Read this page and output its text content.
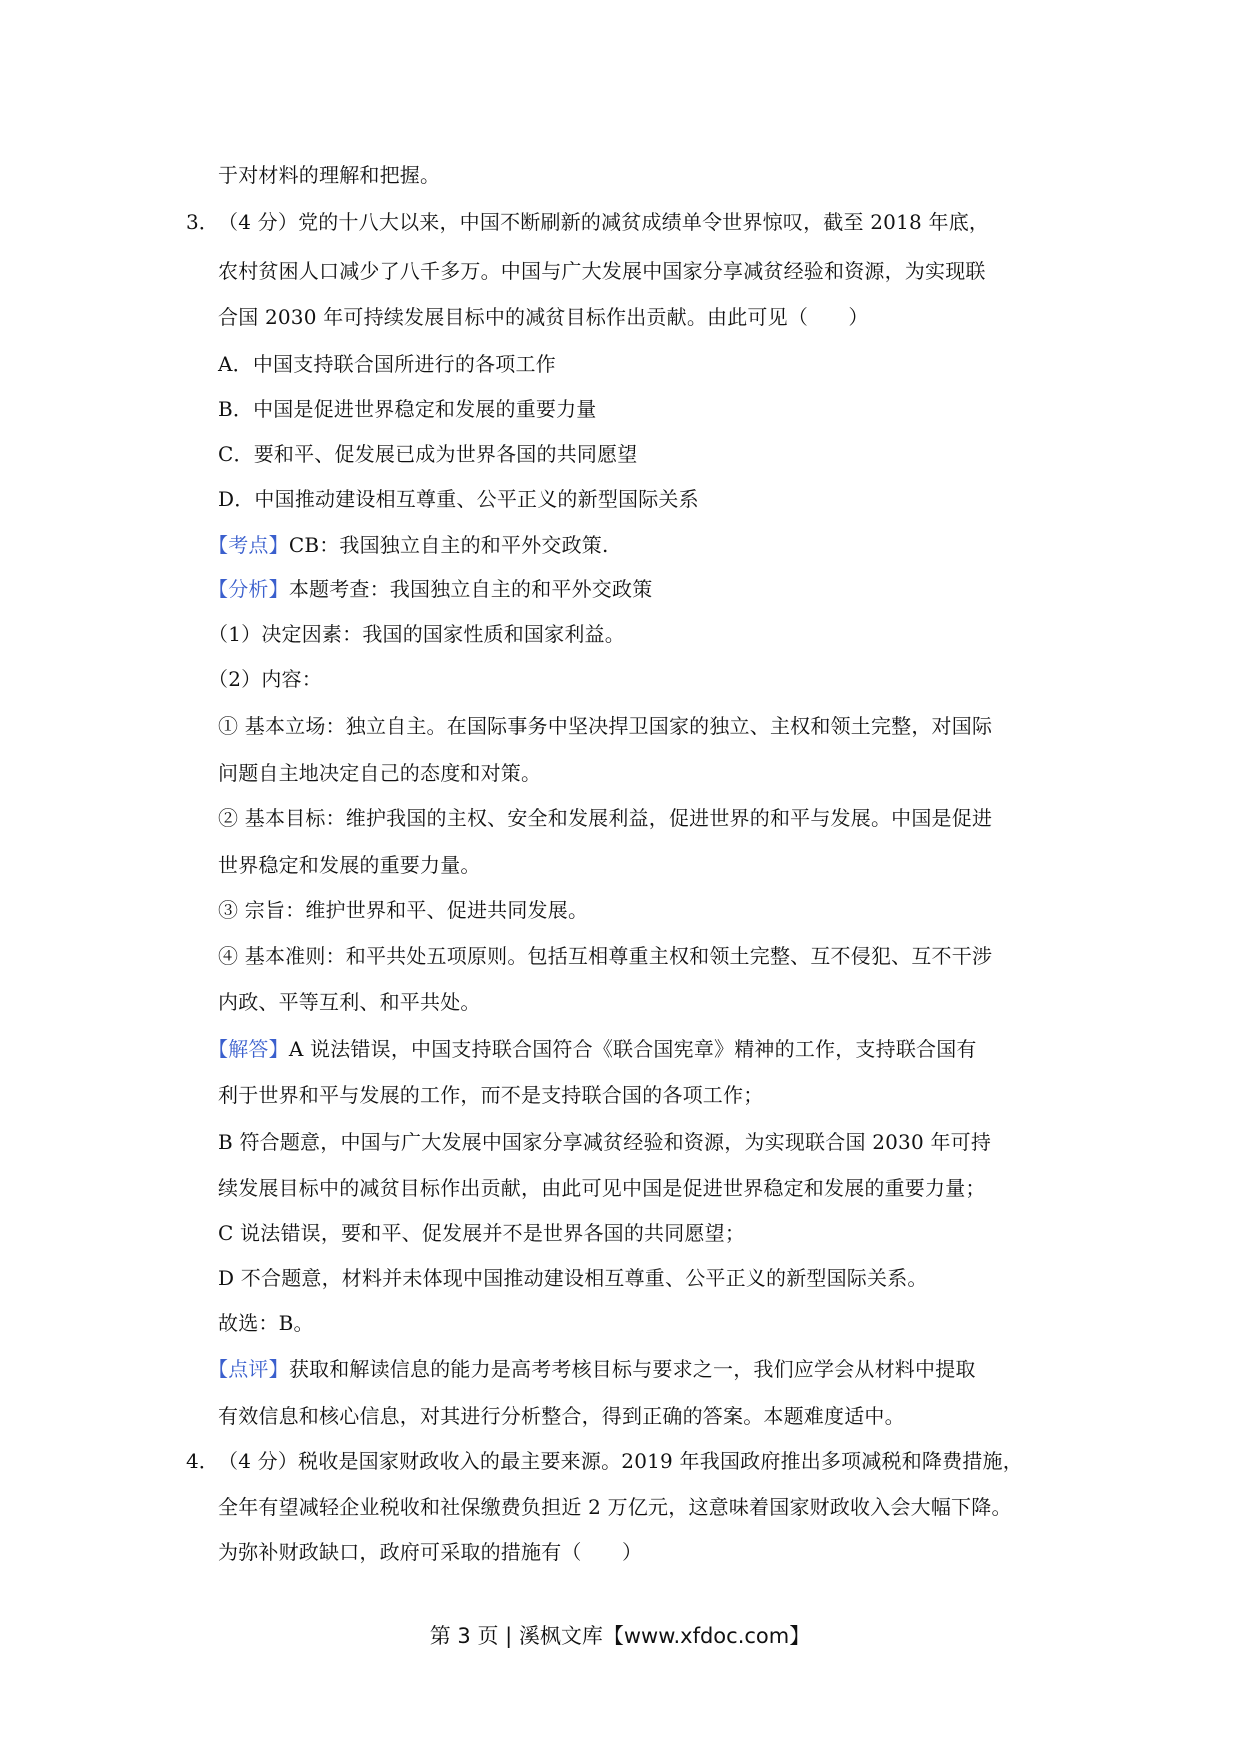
于对材料的理解和把握。
3． （4 分）党的十八大以来，中国不断刷新的减贫成绩单令世界惊叹，截至 2018 年底，
农村贫困人口减少了八千多万。中国与广大发展中国家分享减贫经验和资源，为实现联
合国 2030 年可持续发展目标中的减贫目标作出贡献。由此可见（　　）
A．中国支持联合国所进行的各项工作
B．中国是促进世界稳定和发展的重要力量
C．要和平、促发展已成为世界各国的共同愿望
D．中国推动建设相互尊重、公平正义的新型国际关系
【考点】CB：我国独立自主的和平外交政策.
【分析】本题考查：我国独立自主的和平外交政策
（1）决定因素：我国的国家性质和国家利益。
（2）内容：
① 基本立场：独立自主。在国际事务中坚决捍卫国家的独立、主权和领土完整，对国际
问题自主地决定自己的态度和对策。
② 基本目标：维护我国的主权、安全和发展利益，促进世界的和平与发展。中国是促进
世界稳定和发展的重要力量。
③ 宗旨：维护世界和平、促进共同发展。
④ 基本准则：和平共处五项原则。包括互相尊重主权和领土完整、互不侵犯、互不干涉
内政、平等互利、和平共处。
【解答】A 说法错误，中国支持联合国符合《联合国宪章》精神的工作，支持联合国有
利于世界和平与发展的工作，而不是支持联合国的各项工作；
B 符合题意，中国与广大发展中国家分享减贫经验和资源，为实现联合国 2030 年可持
续发展目标中的减贫目标作出贡献，由此可见中国是促进世界稳定和发展的重要力量；
C 说法错误，要和平、促发展并不是世界各国的共同愿望；
D 不合题意，材料并未体现中国推动建设相互尊重、公平正义的新型国际关系。
故选：B。
【点评】获取和解读信息的能力是高考考核目标与要求之一，我们应学会从材料中提取
有效信息和核心信息，对其进行分析整合，得到正确的答案。本题难度适中。
4． （4 分）税收是国家财政收入的最主要来源。2019 年我国政府推出多项减税和降费措施，
全年有望减轻企业税收和社保缴费负担近 2 万亿元，这意味着国家财政收入会大幅下降。
为弥补财政缺口，政府可采取的措施有（　　）
第 3 页 | 溪枫文库【www.xfdoc.com】
